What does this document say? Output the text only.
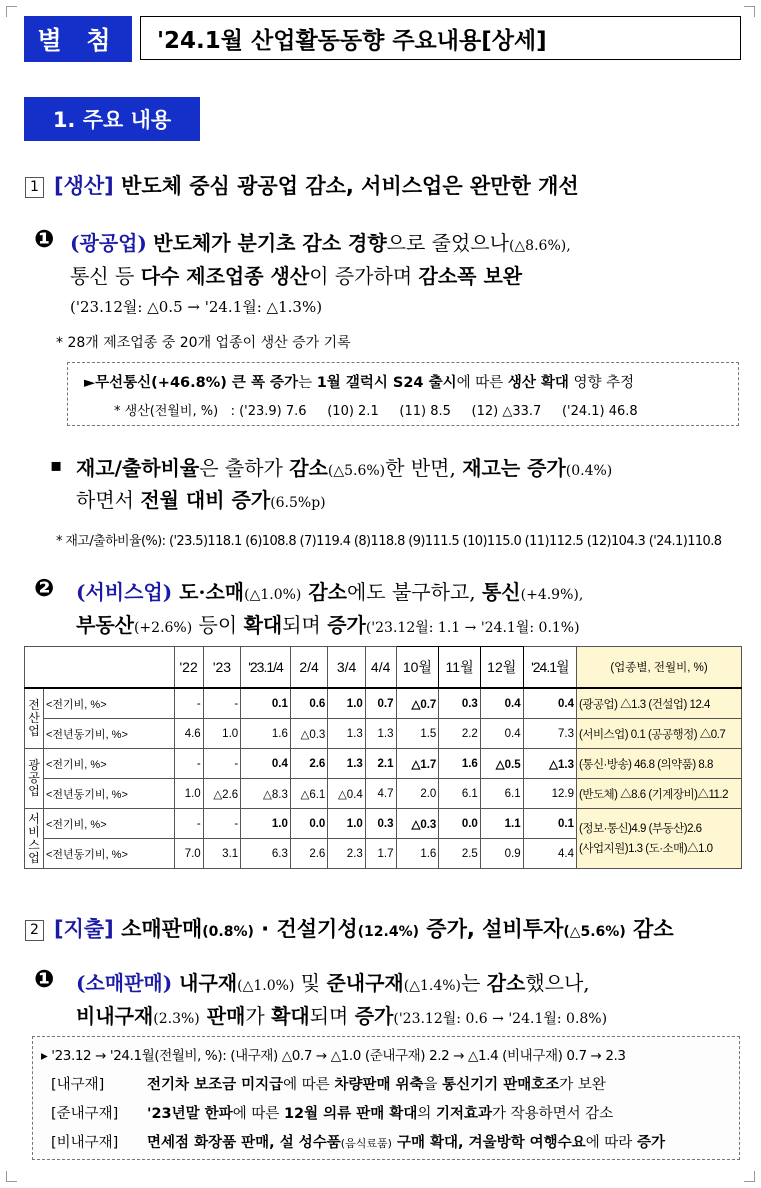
별 첨	'24.1월 산업활동동향 주요내용[상세]
1. 주요 내용
1 [생산] 반도체 중심 광공업 감소, 서비스업은 완만한 개선
❶ (광공업) 반도체가 분기초 감소 경향으로 줄었으나(△8.6%),
통신 등 다수 제조업종 생산이 증가하며 감소폭 보완
('23.12월: △0.5 → '24.1월: △1.3%)
* 28개 제조업종 중 20개 업종이 생산 증가 기록
►무선통신(+46.8%) 큰 폭 증가는 1월 갤럭시 S24 출시에 따른 생산 확대 영향 추정
* 생산(전월비, %)   : ('23.9) 7.6     (10) 2.1     (11) 8.5     (12) △33.7     ('24.1) 46.8
▪ 재고/출하비율은 출하가 감소(△5.6%)한 반면, 재고는 증가(0.4%)
하면서 전월 대비 증가(6.5%p)
* 재고/출하비율(%): ('23.5)118.1 (6)108.8 (7)119.4 (8)118.8 (9)111.5 (10)115.0 (11)112.5 (12)104.3 ('24.1)110.8
❷ (서비스업) 도·소매(△1.0%) 감소에도 불구하고, 통신(+4.9%),
부동산(+2.6%) 등이 확대되며 증가('23.12월: 1.1 → '24.1월: 0.1%)
		'22	'23	'23.1/4	2/4	3/4	4/4	10월	11월	12월	'24.1월	(업종별, 전월비, %)
전산업	<전기비, %>	-	-	0.1	0.6	1.0	0.7	△0.7	0.3	0.4	0.4	(광공업) △1.3 (건설업) 12.4
	<전년동기비, %>	4.6	1.0	1.6	△0.3	1.3	1.3	1.5	2.2	0.4	7.3	(서비스업) 0.1 (공공행정) △0.7
광공업	<전기비, %>	-	-	0.4	2.6	1.3	2.1	△1.7	1.6	△0.5	△1.3	(통신·방송) 46.8 (의약품) 8.8
	<전년동기비, %>	1.0	△2.6	△8.3	△6.1	△0.4	4.7	2.0	6.1	6.1	12.9	(반도체) △8.6 (기계장비)△11.2
서비스업	<전기비, %>	-	-	1.0	0.0	1.0	0.3	△0.3	0.0	1.1	0.1	(정보·통신)4.9 (부동산)2.6
(사업지원)1.3 (도·소매)△1.0

	<전년동기비, %>	7.0	3.1	6.3	2.6	2.3	1.7	1.6	2.5	0.9	4.4	
2 [지출] 소매판매(0.8%) · 건설기성(12.4%) 증가, 설비투자(△5.6%) 감소
❶ (소매판매) 내구재(△1.0%) 및 준내구재(△1.4%)는 감소했으나,
비내구재(2.3%) 판매가 확대되며 증가('23.12월: 0.6 → '24.1월: 0.8%)
▸ '23.12 → '24.1월(전월비, %): (내구재) △0.7 → △1.0 (준내구재) 2.2 → △1.4 (비내구재) 0.7 → 2.3
[내구재]	전기차 보조금 미지급에 따른 차량판매 위축을 통신기기 판매호조가 보완
[준내구재] '23년말 한파에 따른 12월 의류 판매 확대의 기저효과가 작용하면서 감소
[비내구재] 면세점 화장품 판매, 설 성수품(음식료품) 구매 확대, 겨울방학 여행수요에 따라 증가
